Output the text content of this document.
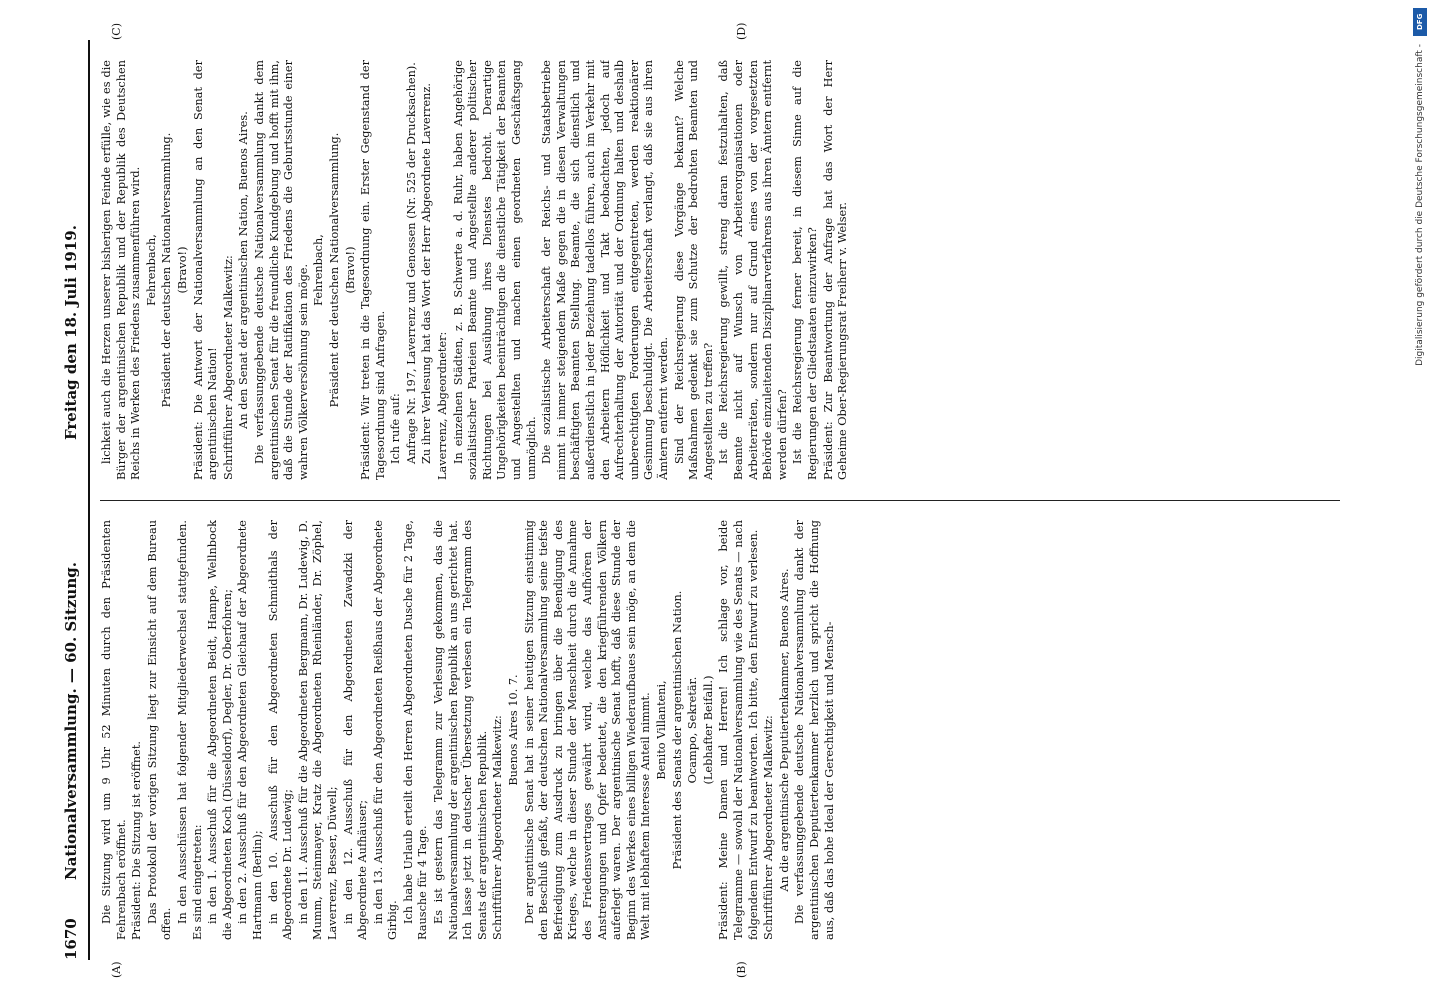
1670
Nationalversammlung. — 60. Sitzung.
Freitag den 18. Juli 1919.
(A)	(B)
(C)	(D)

Die Sitzung wird um 9 Uhr 52 Minuten durch den Präsidenten Fehrenbach eröffnet. Präsident: Die Sitzung ist eröffnet. Das Protokoll der vorigen Sitzung liegt zur Einsicht auf dem Bureau offen. In den Ausschüssen hat folgender Mitgliederwechsel stattgefunden. Es sind eingetreten: in den 1. Ausschuß für die Abgeordneten Beidt, Hampe, Wellnbock die Abgeordneten Koch (Düsseldorf), Degler, Dr. Oberfohren; in den 2. Ausschuß für den Abgeordneten Gleichauf der Abgeordnete Hartmann (Berlin); in den 10. Ausschuß für den Abgeordneten Schmidthals der Abgeordnete Dr. Ludewig; in den 11. Ausschuß für die Abgeordneten Bergmann, Dr. Ludewig, D. Mumm, Steinmayer, Kratz die Abgeordneten Rheinländer, Dr. Zöphel, Laverrenz, Besser, Düwell; in den 12. Ausschuß für den Abgeordneten Zawadzki der Abgeordnete Aufhäuser; in den 13. Ausschuß für den Abgeordneten Reißhaus der Abgeordnete Girbig. Ich habe Urlaub erteilt den Herren Abgeordneten Dusche für 2 Tage, Rausche für 4 Tage. Es ist gestern das Telegramm zur Verlesung gekommen, das die Nationalversammlung der argentinischen Republik an uns gerichtet hat. Ich lasse jetzt in deutscher Übersetzung verlesen ein Telegramm des Senats der argentinischen Republik. Schriftführer Abgeordneter Malkewitz: Buenos Aires 10. 7. Der argentinische Senat hat in seiner heutigen Sitzung einstimmig den Beschluß gefaßt, der deutschen Nationalversammlung seine tiefste Befriedigung zum Ausdruck zu bringen über die Beendigung des Krieges, welche in dieser Stunde der Menschheit durch die Annahme des Friedensvertrages gewährt wird, welche das Aufhören der Anstrengungen und Opfer bedeutet, die den kriegführenden Völkern auferlegt waren. Der argentinische Senat hofft, daß diese Stunde der Beginn des Werkes eines billigen Wiederaufbaues sein möge, an dem die Welt mit lebhaftem Interesse Anteil nimmt. Benito Villanteni, Präsident des Senats der argentinischen Nation. Ocampo, Sekretär. (Lebhafter Beifall.) Präsident: Meine Damen und Herren! Ich schlage vor, beide Telegramme — sowohl der Nationalversammlung wie des Senats — nach folgendem Entwurf zu beantworten. Ich bitte, den Entwurf zu verlesen. Schriftführer Abgeordneter Malkewitz: An die argentinische Deputiertenkammer, Buenos Aires. Die verfassunggebende deutsche Nationalversammlung dankt der argentinischen Deputiertenkammer herzlich und spricht die Hoffnung aus, daß das hohe Ideal der Gerechtigkeit und Mensch-

lichkeit auch die Herzen unserer bisherigen Feinde erfülle, wie es die Bürger der argentinischen Republik und der Republik des Deutschen Reichs in Werken des Friedens zusammenführen wird. Fehrenbach, Präsident der deutschen Nationalversammlung. (Bravo!) Präsident: Die Antwort der Nationalversammlung an den Senat der argentinischen Nation! Schriftführer Abgeordneter Malkewitz: An den Senat der argentinischen Nation, Buenos Aires. Die verfassunggebende deutsche Nationalversammlung dankt dem argentinischen Senat für die freundliche Kundgebung und hofft mit ihm, daß die Stunde der Ratifikation des Friedens die Geburtsstunde einer wahren Völkerversöhnung sein möge. Fehrenbach, Präsident der deutschen Nationalversammlung. (Bravo!) Präsident: Wir treten in die Tagesordnung ein. Erster Gegenstand der Tagesordnung sind Anfragen. Ich rufe auf: Anfrage Nr. 197, Laverrenz und Genossen (Nr. 525 der Drucksachen). Zu ihrer Verlesung hat das Wort der Herr Abgeordnete Laverrenz. Laverrenz, Abgeordneter: In einzelnen Städten, z. B. Schwerte a. d. Ruhr, haben Angehörige sozialistischer Parteien Beamte und Angestellte anderer politischer Richtungen bei Ausübung ihres Dienstes bedroht. Derartige Ungehörigkeiten beeinträchtigen die dienstliche Tätigkeit der Beamten und Angestellten und machen einen geordneten Geschäftsgang unmöglich. Die sozialistische Arbeiterschaft der Reichs- und Staatsbetriebe nimmt in immer steigendem Maße gegen die in diesen Verwaltungen beschäftigten Beamten Stellung. Beamte, die sich dienstlich und außerdienstlich in jeder Beziehung tadellos führen, auch im Verkehr mit den Arbeitern Höflichkeit und Takt beobachten, jedoch auf Aufrechterhaltung der Autorität und der Ordnung halten und deshalb unberechtigten Forderungen entgegentreten, werden reaktionärer Gesinnung beschuldigt. Die Arbeiterschaft verlangt, daß sie aus ihren Ämtern entfernt werden. Sind der Reichsregierung diese Vorgänge bekannt? Welche Maßnahmen gedenkt sie zum Schutze der bedrohten Beamten und Angestellten zu treffen? Ist die Reichsregierung gewillt, streng daran festzuhalten, daß Beamte nicht auf Wunsch von Arbeiterorganisationen oder Arbeiterräten, sondern nur auf Grund eines von der vorgesetzten Behörde einzuleitenden Disziplinarverfahrens aus ihren Ämtern entfernt werden dürfen? Ist die Reichsregierung ferner bereit, in diesem Sinne auf die Regierungen der Gliedstaaten einzuwirken? Präsident: Zur Beantwortung der Anfrage hat das Wort der Herr Geheime Ober-Regierungsrat Freiherr v. Welser.

DFG
Digitalisierung gefördert durch die Deutsche Forschungsgemeinschaft -
